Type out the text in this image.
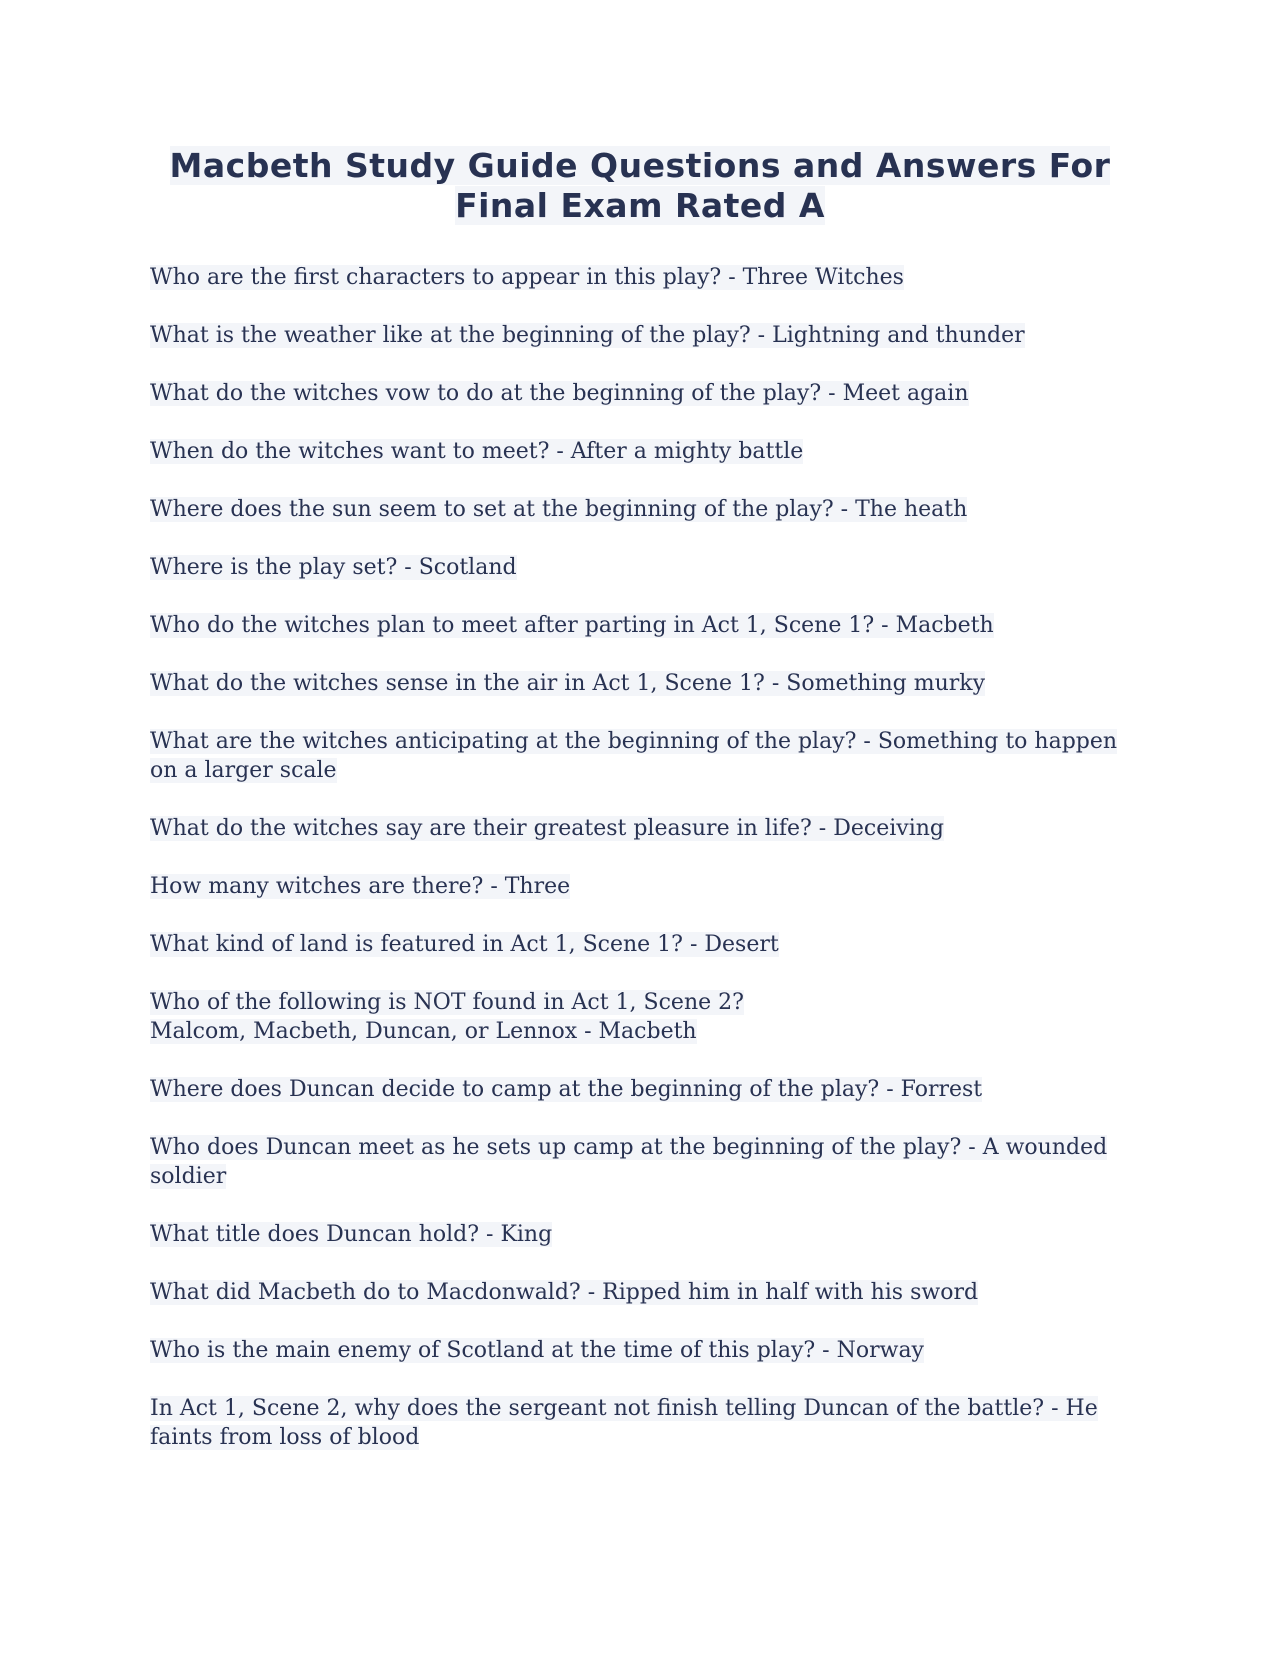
Macbeth Study Guide Questions and Answers For
Final Exam Rated A

Who are the first characters to appear in this play? - Three Witches

What is the weather like at the beginning of the play? - Lightning and thunder

What do the witches vow to do at the beginning of the play? - Meet again

When do the witches want to meet? - After a mighty battle

Where does the sun seem to set at the beginning of the play? - The heath

Where is the play set? - Scotland

Who do the witches plan to meet after parting in Act 1, Scene 1? - Macbeth

What do the witches sense in the air in Act 1, Scene 1? - Something murky

What are the witches anticipating at the beginning of the play? - Something to happen on a larger scale

What do the witches say are their greatest pleasure in life? - Deceiving

How many witches are there? - Three

What kind of land is featured in Act 1, Scene 1? - Desert

Who of the following is NOT found in Act 1, Scene 2?
Malcom, Macbeth, Duncan, or Lennox - Macbeth

Where does Duncan decide to camp at the beginning of the play? - Forrest

Who does Duncan meet as he sets up camp at the beginning of the play? - A wounded soldier

What title does Duncan hold? - King

What did Macbeth do to Macdonwald? - Ripped him in half with his sword

Who is the main enemy of Scotland at the time of this play? - Norway

In Act 1, Scene 2, why does the sergeant not finish telling Duncan of the battle? - He faints from loss of blood
